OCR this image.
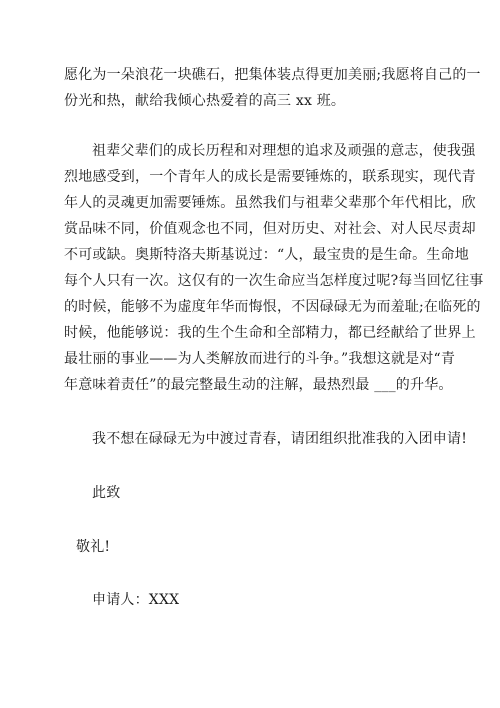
愿化为一朵浪花一块礁石，把集体装点得更加美丽;我愿将自己的一
份光和热，献给我倾心热爱着的高三 xx 班。
祖辈父辈们的成长历程和对理想的追求及顽强的意志，使我强
烈地感受到，一个青年人的成长是需要锤炼的，联系现实，现代青
年人的灵魂更加需要锤炼。虽然我们与祖辈父辈那个年代相比，欣
赏品味不同，价值观念也不同，但对历史、对社会、对人民尽责却
不可或缺。奥斯特洛夫斯基说过：“人，最宝贵的是生命。生命地
每个人只有一次。这仅有的一次生命应当怎样度过呢?每当回忆往事
的时候，能够不为虚度年华而悔恨，不因碌碌无为而羞耻;在临死的
时候，他能够说：我的生个生命和全部精力，都已经献给了世界上
最壮丽的事业——为人类解放而进行的斗争。”我想这就是对“青
年意味着责任”的最完整最生动的注解，最热烈最 ___的升华。
我不想在碌碌无为中渡过青春，请团组织批准我的入团申请!
此致
敬礼!
申请人：XXX
